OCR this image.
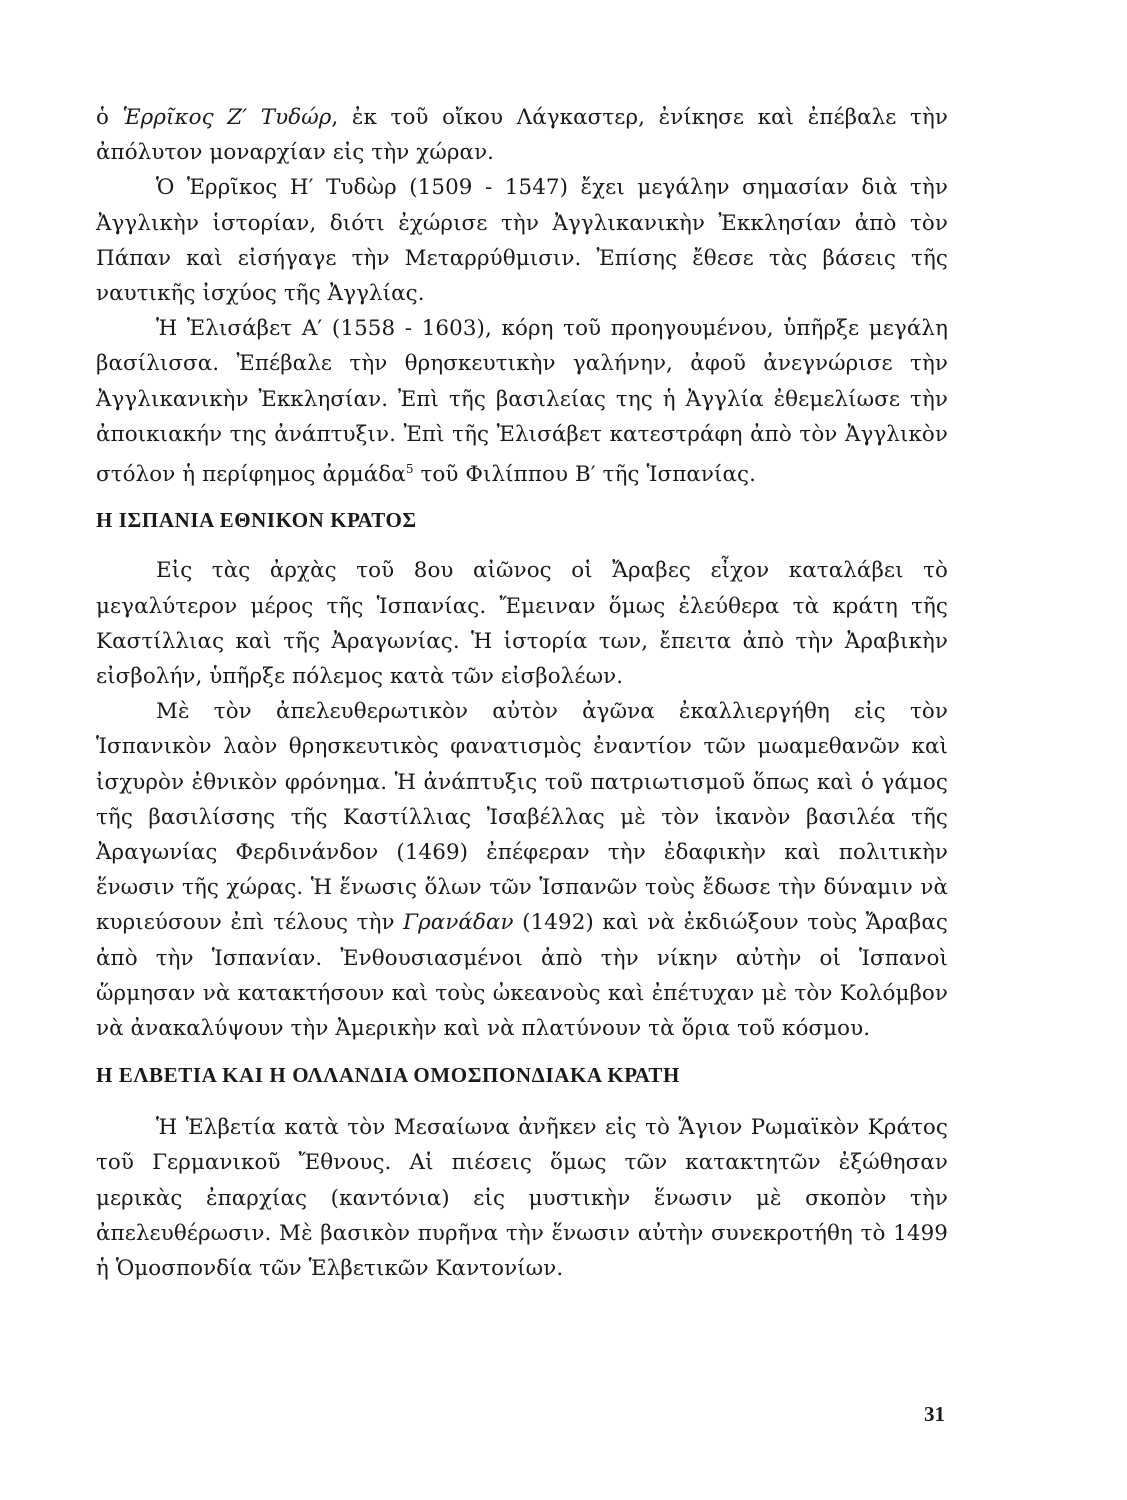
ὁ Ἑρρῖκος Ζ′ Τυδώρ, ἐκ τοῦ οἴκου Λάγκαστερ, ἐνίκησε καὶ ἐπέβαλε τὴν ἀπόλυτον μοναρχίαν εἰς τὴν χώραν.

Ὁ Ἑρρῖκος Η′ Τυδὼρ (1509 - 1547) ἔχει μεγάλην σημασίαν διὰ τὴν Ἀγγλικὴν ἱστορίαν, διότι ἐχώρισε τὴν Ἀγγλικανικὴν Ἐκκλησίαν ἀπὸ τὸν Πάπαν καὶ εἰσήγαγε τὴν Μεταρρύθμισιν. Ἐπίσης ἔθεσε τὰς βάσεις τῆς ναυτικῆς ἰσχύος τῆς Ἀγγλίας.

Ἡ Ἐλισάβετ Α′ (1558 - 1603), κόρη τοῦ προηγουμένου, ὑπῆρξε μεγάλη βασίλισσα. Ἐπέβαλε τὴν θρησκευτικὴν γαλήνην, ἀφοῦ ἀνεγνώρισε τὴν Ἀγγλικανικὴν Ἐκκλησίαν. Ἐπὶ τῆς βασιλείας της ἡ Ἀγγλία ἐθεμελίωσε τὴν ἀποικιακήν της ἀνάπτυξιν. Ἐπὶ τῆς Ἐλισάβετ κατεστράφη ἀπὸ τὸν Ἀγγλικὸν στόλον ἡ περίφημος ἀρμάδα$^5$ τοῦ Φιλίππου Β′ τῆς Ἱσπανίας.

Η ΙΣΠΑΝΙΑ ΕΘΝΙΚΟΝ ΚΡΑΤΟΣ

Εἰς τὰς ἀρχὰς τοῦ 8ου αἰῶνος οἱ Ἄραβες εἶχον καταλάβει τὸ μεγαλύτερον μέρος τῆς Ἱσπανίας. Ἔμειναν ὅμως ἐλεύθερα τὰ κράτη τῆς Καστίλλιας καὶ τῆς Ἀραγωνίας. Ἡ ἱστορία των, ἔπειτα ἀπὸ τὴν Ἀραβικὴν εἰσβολήν, ὑπῆρξε πόλεμος κατὰ τῶν εἰσβολέων.

Μὲ τὸν ἀπελευθερωτικὸν αὐτὸν ἀγῶνα ἐκαλλιεργήθη εἰς τὸν Ἱσπανικὸν λαὸν θρησκευτικὸς φανατισμὸς ἐναντίον τῶν μωαμεθανῶν καὶ ἰσχυρὸν ἐθνικὸν φρόνημα. Ἡ ἀνάπτυξις τοῦ πατριωτισμοῦ ὅπως καὶ ὁ γάμος τῆς βασιλίσσης τῆς Καστίλλιας Ἰσαβέλλας μὲ τὸν ἱκανὸν βασιλέα τῆς Ἀραγωνίας Φερδινάνδον (1469) ἐπέφεραν τὴν ἐδαφικὴν καὶ πολιτικὴν ἕνωσιν τῆς χώρας. Ἡ ἕνωσις ὅλων τῶν Ἱσπανῶν τοὺς ἔδωσε τὴν δύναμιν νὰ κυριεύσουν ἐπὶ τέλους τὴν Γρανάδαν (1492) καὶ νὰ ἐκδιώξουν τοὺς Ἄραβας ἀπὸ τὴν Ἱσπανίαν. Ἐνθουσιασμένοι ἀπὸ τὴν νίκην αὐτὴν οἱ Ἱσπανοὶ ὥρμησαν νὰ κατακτήσουν καὶ τοὺς ὠκεανοὺς καὶ ἐπέτυχαν μὲ τὸν Κολόμβον νὰ ἀνακαλύψουν τὴν Ἀμερικὴν καὶ νὰ πλατύνουν τὰ ὅρια τοῦ κόσμου.

Η ΕΛΒΕΤΙΑ ΚΑΙ Η ΟΛΛΑΝΔΙΑ ΟΜΟΣΠΟΝΔΙΑΚΑ ΚΡΑΤΗ

Ἡ Ἑλβετία κατὰ τὸν Μεσαίωνα ἀνῆκεν εἰς τὸ Ἅγιον Ρωμαϊκὸν Κράτος τοῦ Γερμανικοῦ Ἔθνους. Αἱ πιέσεις ὅμως τῶν κατακτητῶν ἐξώθησαν μερικὰς ἐπαρχίας (καντόνια) εἰς μυστικὴν ἕνωσιν μὲ σκοπὸν τὴν ἀπελευθέρωσιν. Μὲ βασικὸν πυρῆνα τὴν ἕνωσιν αὐτὴν συνεκροτήθη τὸ 1499 ἡ Ὁμοσπονδία τῶν Ἑλβετικῶν Καντονίων.

31
